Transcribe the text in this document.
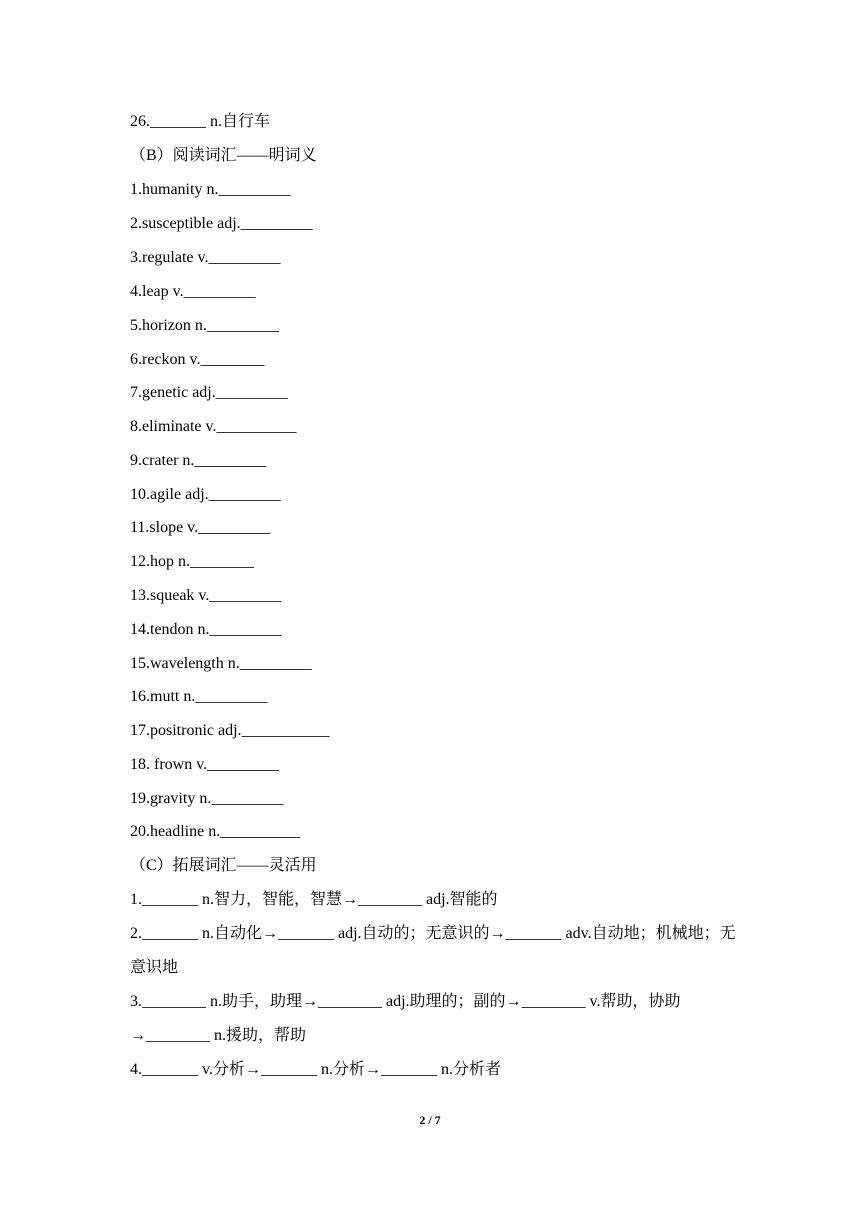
26._______ n.自行车
（B）阅读词汇——明词义
1.humanity n._________
2.susceptible adj._________
3.regulate v._________
4.leap v._________
5.horizon n._________
6.reckon v.________
7.genetic adj._________
8.eliminate v.__________
9.crater n._________
10.agile adj._________
11.slope v._________
12.hop n.________
13.squeak v._________
14.tendon n._________
15.wavelength n._________
16.mutt n._________
17.positronic adj.___________
18. frown v._________
19.gravity n._________
20.headline n.__________
（C）拓展词汇——灵活用
1._______ n.智力，智能，智慧→________ adj.智能的
2._______ n.自动化→_______ adj.自动的；无意识的→_______ adv.自动地；机械地；无意识地
3.________ n.助手，助理→________ adj.助理的；副的→________ v.帮助，协助→________ n.援助，帮助
4._______ v.分析→_______ n.分析→_______ n.分析者
2 / 7
